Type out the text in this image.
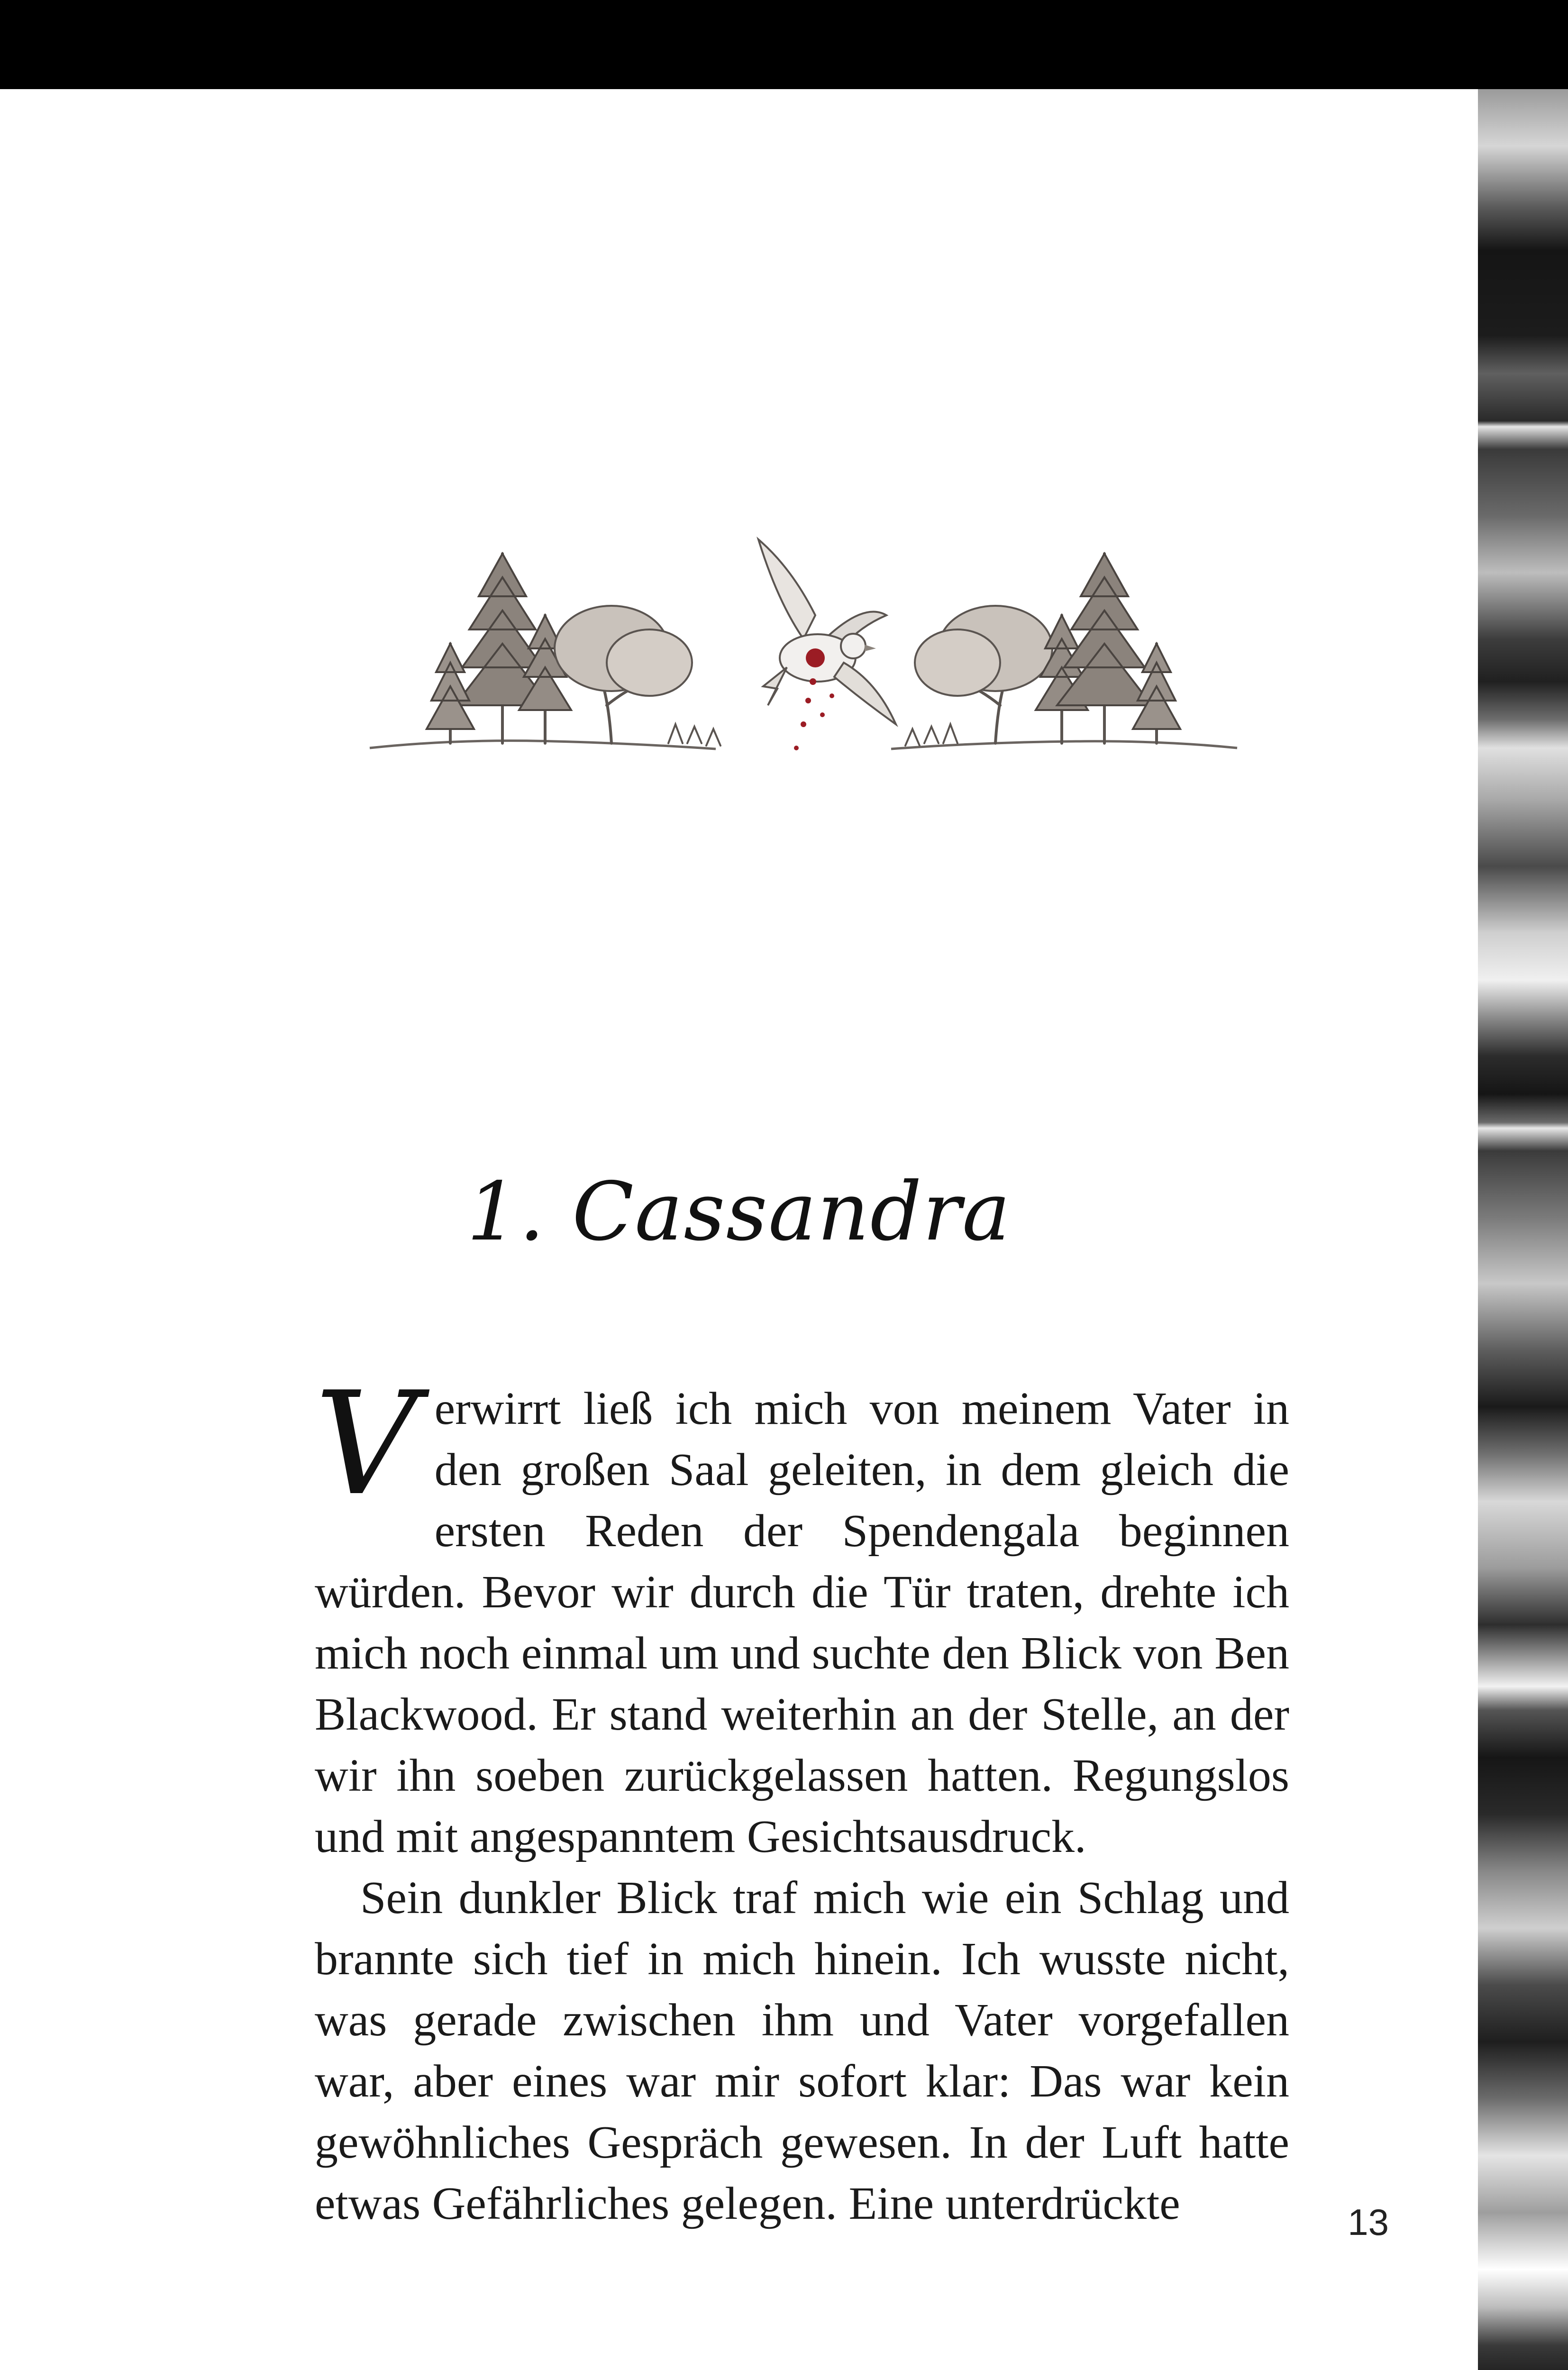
1. Cassandra

Verwirrt ließ ich mich von meinem Vater in den großen Saal geleiten, in dem gleich die ersten Reden der Spendengala beginnen würden. Bevor wir durch die Tür traten, drehte ich mich noch einmal um und suchte den Blick von Ben Blackwood. Er stand weiterhin an der Stelle, an der wir ihn soeben zurückgelassen hatten. Regungslos und mit angespanntem Gesichtsausdruck.

Sein dunkler Blick traf mich wie ein Schlag und brannte sich tief in mich hinein. Ich wusste nicht, was gerade zwischen ihm und Vater vorgefallen war, aber eines war mir sofort klar: Das war kein gewöhnliches Gespräch gewesen. In der Luft hatte etwas Gefährliches gelegen. Eine unterdrückte	13
